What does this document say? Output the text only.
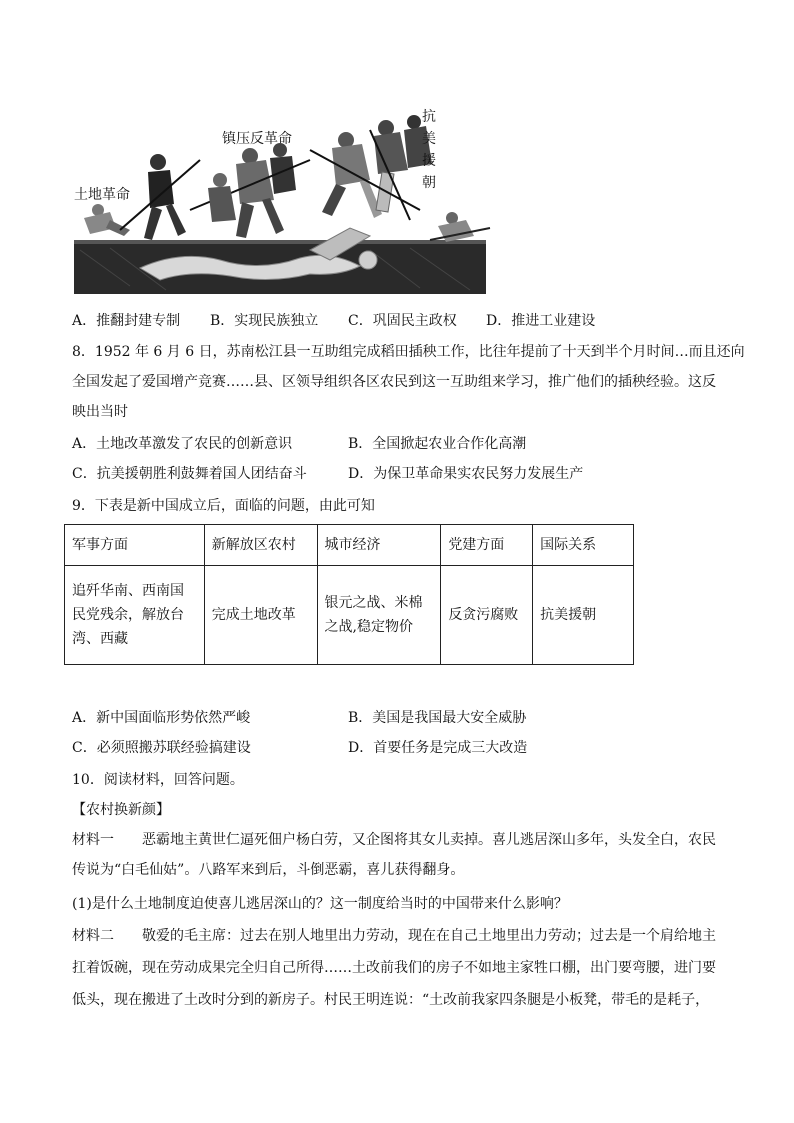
土地革命
镇压反革命
抗美援朝
A．推翻封建专制 B．实现民族独立 C．巩固民主政权 D．推进工业建设
8．1952 年 6 月 6 日，苏南松江县一互助组完成稻田插秧工作，比往年提前了十天到半个月时间…而且还向
全国发起了爱国增产竞赛……县、区领导组织各区农民到这一互助组来学习，推广他们的插秧经验。这反
映出当时
A．土地改革激发了农民的创新意识	B．全国掀起农业合作化高潮
C．抗美援朝胜利鼓舞着国人团结奋斗	D．为保卫革命果实农民努力发展生产
9．下表是新中国成立后，面临的问题，由此可知
军事方面	新解放区农村	城市经济	党建方面	国际关系
追歼华南、西南国民党残余，解放台湾、西藏	完成土地改革	银元之战、米棉之战,稳定物价	反贪污腐败	抗美援朝
A．新中国面临形势依然严峻	B．美国是我国最大安全威胁
C．必须照搬苏联经验搞建设	D．首要任务是完成三大改造
10．阅读材料，回答问题。
【农村换新颜】
材料一　　恶霸地主黄世仁逼死佃户杨白劳，又企图将其女儿卖掉。喜儿逃居深山多年，头发全白，农民
传说为“白毛仙姑”。八路军来到后，斗倒恶霸，喜儿获得翻身。
(1)是什么土地制度迫使喜儿逃居深山的？这一制度给当时的中国带来什么影响？
材料二　　敬爱的毛主席：过去在别人地里出力劳动，现在在自己土地里出力劳动；过去是一个肩给地主
扛着饭碗，现在劳动成果完全归自己所得……土改前我们的房子不如地主家牲口棚，出门要弯腰，进门要
低头，现在搬进了土改时分到的新房子。村民王明连说：“土改前我家四条腿是小板凳，带毛的是耗子，
